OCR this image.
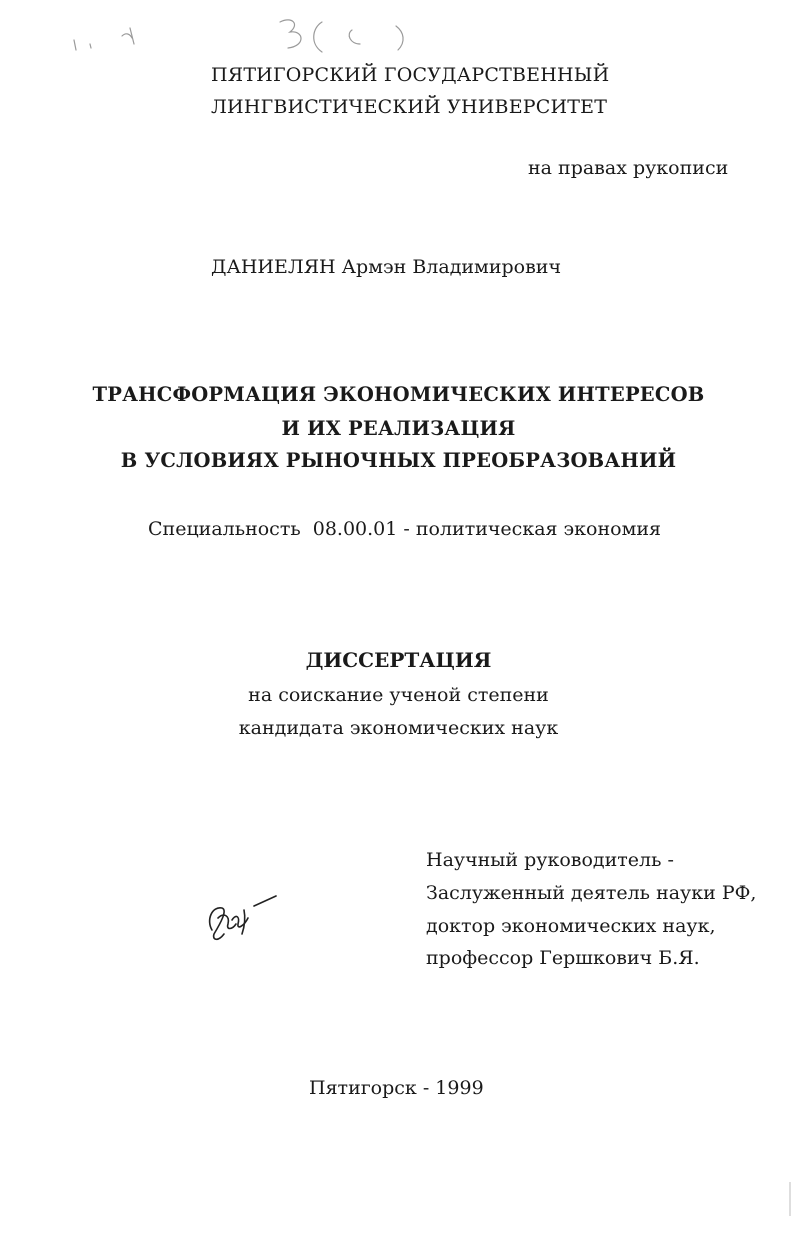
ПЯТИГОРСКИЙ ГОСУДАРСТВЕННЫЙ

ЛИНГВИСТИЧЕСКИЙ УНИВЕРСИТЕТ

на правах рукописи

ДАНИЕЛЯН Армэн Владимирович

ТРАНСФОРМАЦИЯ ЭКОНОМИЧЕСКИХ ИНТЕРЕСОВ

И ИХ РЕАЛИЗАЦИЯ

В УСЛОВИЯХ РЫНОЧНЫХ ПРЕОБРАЗОВАНИЙ

Специальность  08.00.01 - политическая экономия

ДИССЕРТАЦИЯ

на соискание ученой степени

кандидата экономических наук

Научный руководитель -

Заслуженный деятель науки РФ,

доктор экономических наук,

профессор Гершкович Б.Я.

Пятигорск - 1999
